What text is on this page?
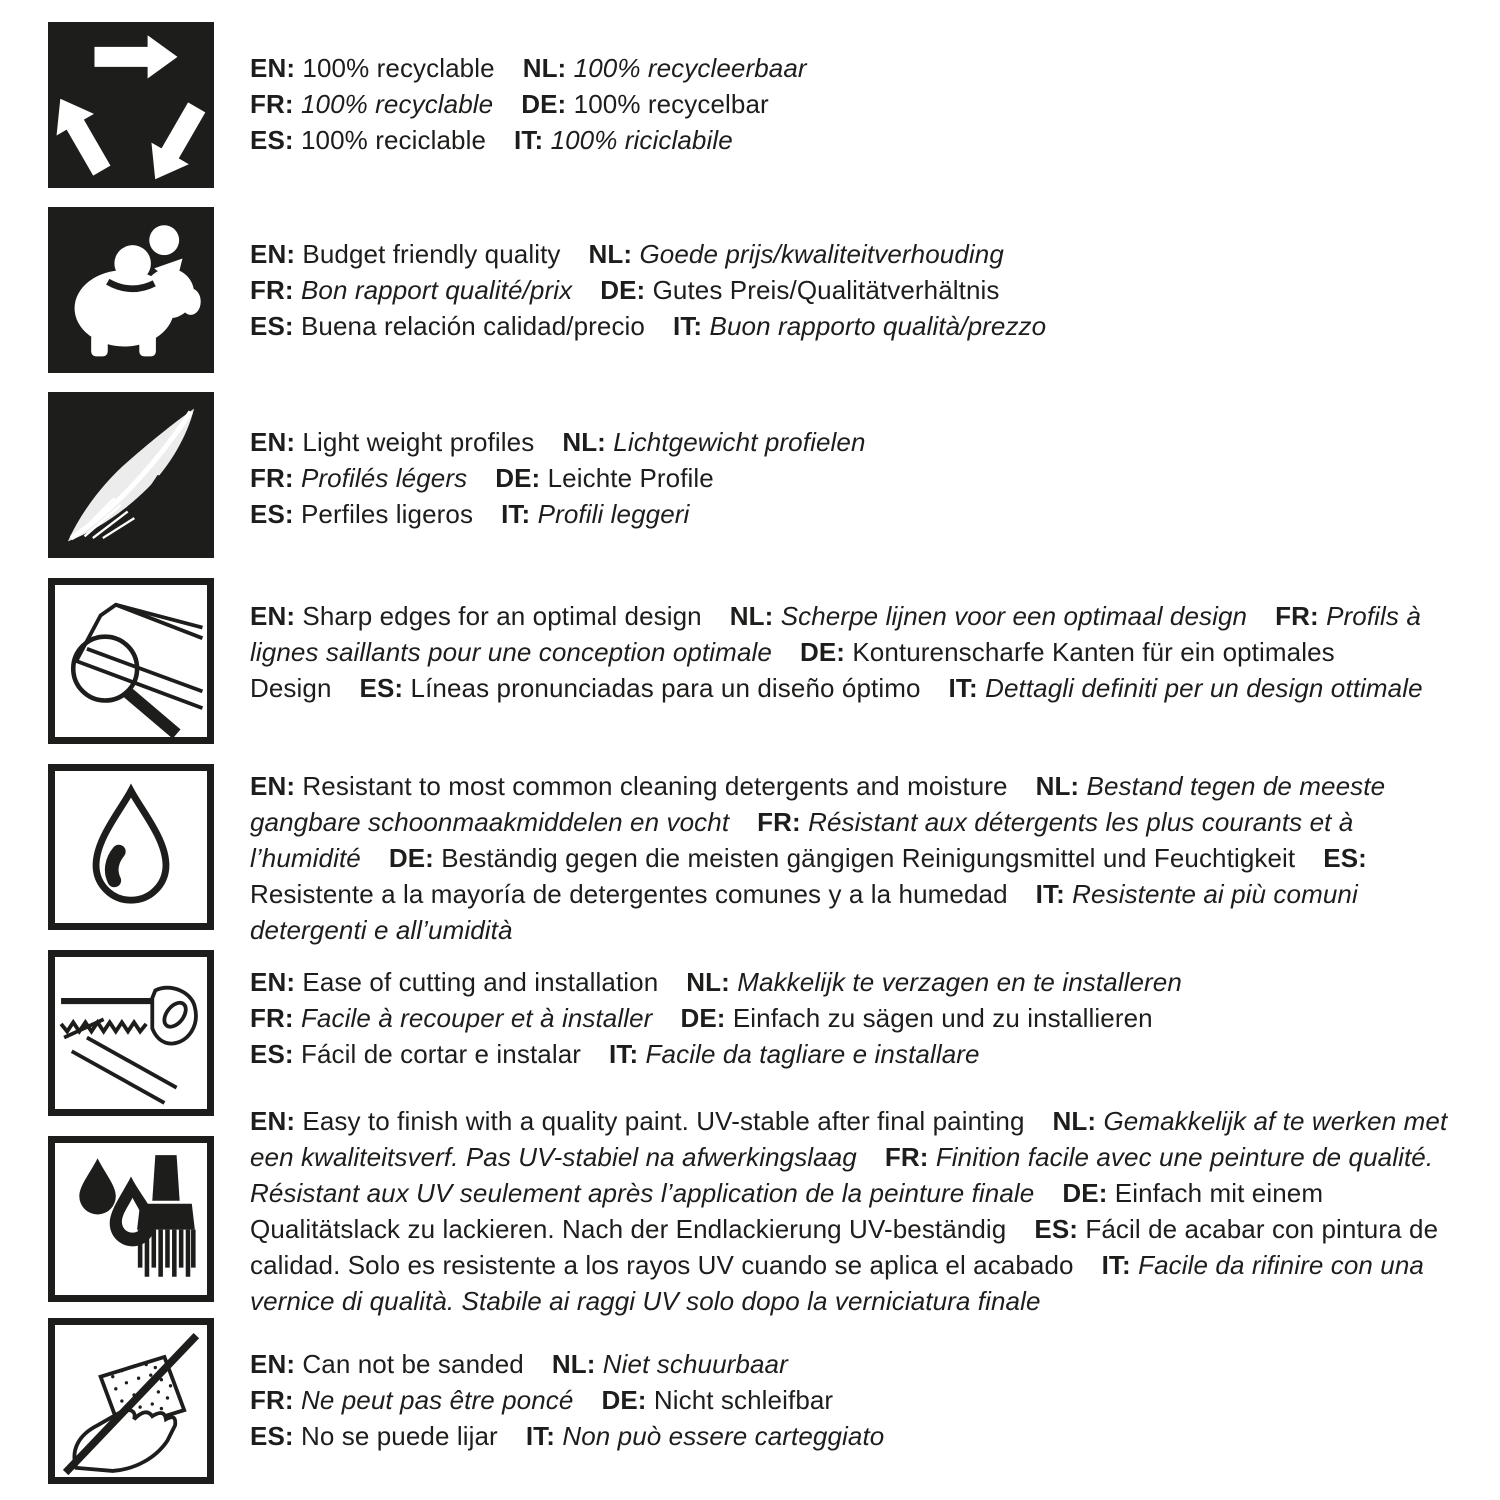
EN: 100% recyclable NL: 100% recycleerbaar
FR: 100% recyclable DE: 100% recycelbar
ES: 100% reciclable IT: 100% riciclabile
EN: Budget friendly quality NL: Goede prijs/kwaliteitverhouding
FR: Bon rapport qualité/prix DE: Gutes Preis/Qualitätverhältnis
ES: Buena relación calidad/precio IT: Buon rapporto qualità/prezzo
EN: Light weight profiles NL: Lichtgewicht profielen
FR: Profilés légers DE: Leichte Profile
ES: Perfiles ligeros IT: Profili leggeri
EN: Sharp edges for an optimal design NL: Scherpe lijnen voor een optimaal design FR: Profils à lignes saillants pour une conception optimale DE: Konturenscharfe Kanten für ein optimales Design ES: Líneas pronunciadas para un diseño óptimo IT: Dettagli definiti per un design ottimale
EN: Resistant to most common cleaning detergents and moisture NL: Bestand tegen de meeste gangbare schoonmaakmiddelen en vocht FR: Résistant aux détergents les plus courants et à l’humidité DE: Beständig gegen die meisten gängigen Reinigungsmittel und Feuchtigkeit ES: Resistente a la mayoría de detergentes comunes y a la humedad IT: Resistente ai più comuni detergenti e all’umidità
EN: Ease of cutting and installation NL: Makkelijk te verzagen en te installeren
FR: Facile à recouper et à installer DE: Einfach zu sägen und zu installieren
ES: Fácil de cortar e instalar IT: Facile da tagliare e installare
EN: Easy to finish with a quality paint. UV-stable after final painting NL: Gemakkelijk af te werken met een kwaliteitsverf. Pas UV-stabiel na afwerkingslaag FR: Finition facile avec une peinture de qualité. Résistant aux UV seulement après l’application de la peinture finale DE: Einfach mit einem Qualitätslack zu lackieren. Nach der Endlackierung UV-beständig ES: Fácil de acabar con pintura de calidad. Solo es resistente a los rayos UV cuando se aplica el acabado IT: Facile da rifinire con una vernice di qualità. Stabile ai raggi UV solo dopo la verniciatura finale
EN: Can not be sanded NL: Niet schuurbaar
FR: Ne peut pas être poncé DE: Nicht schleifbar
ES: No se puede lijar IT: Non può essere carteggiato
